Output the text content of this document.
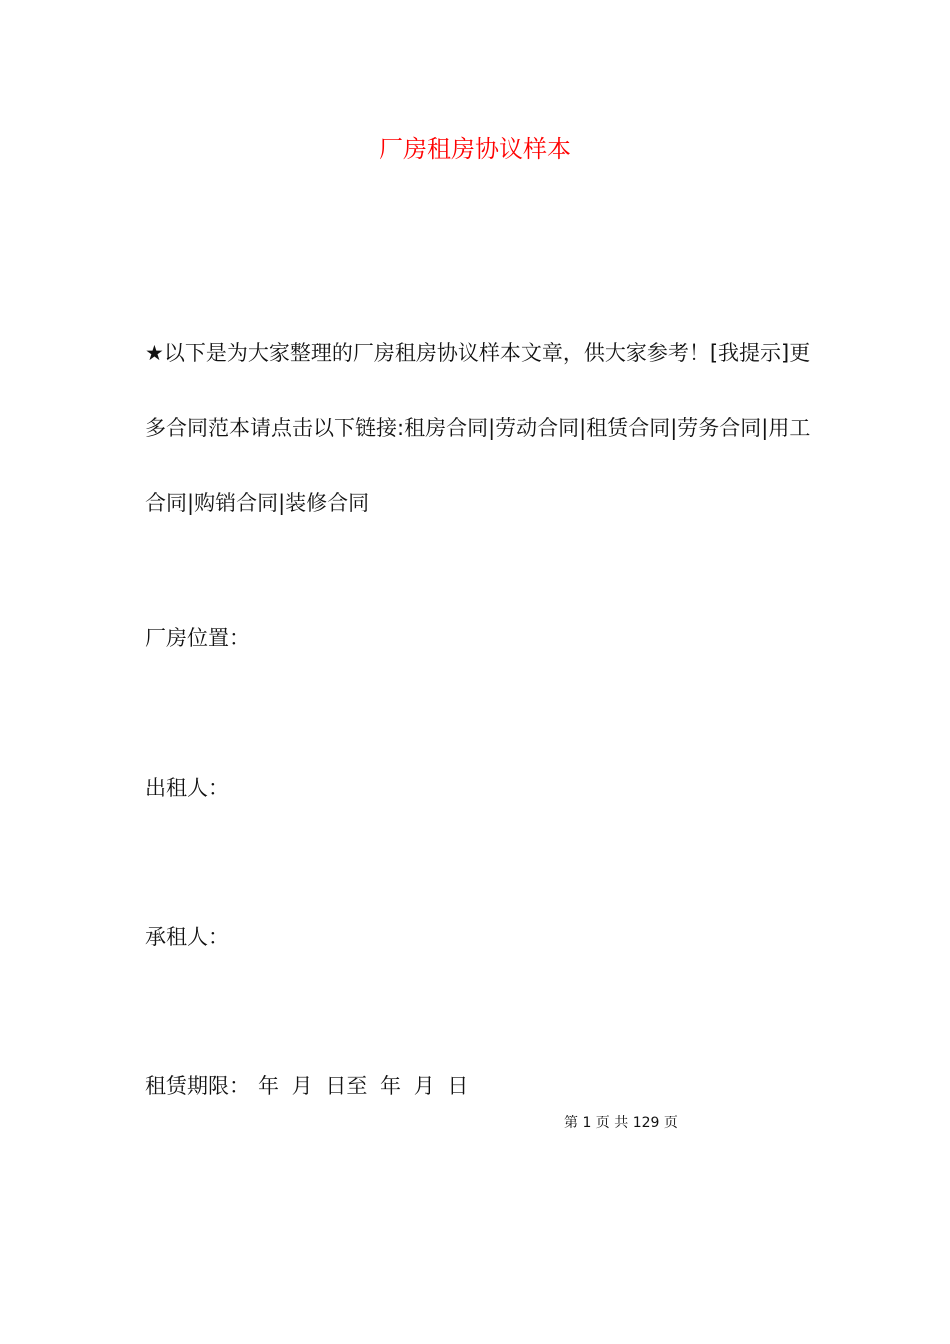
厂房租房协议样本
★以下是为大家整理的厂房租房协议样本文章，供大家参考！[我提示]更多合同范本请点击以下链接:租房合同|劳动合同|租赁合同|劳务合同|用工合同|购销合同|装修合同
厂房位置：
出租人：
承租人：
租赁期限： 年 月 日至 年 月 日
第 1 页 共 129 页
